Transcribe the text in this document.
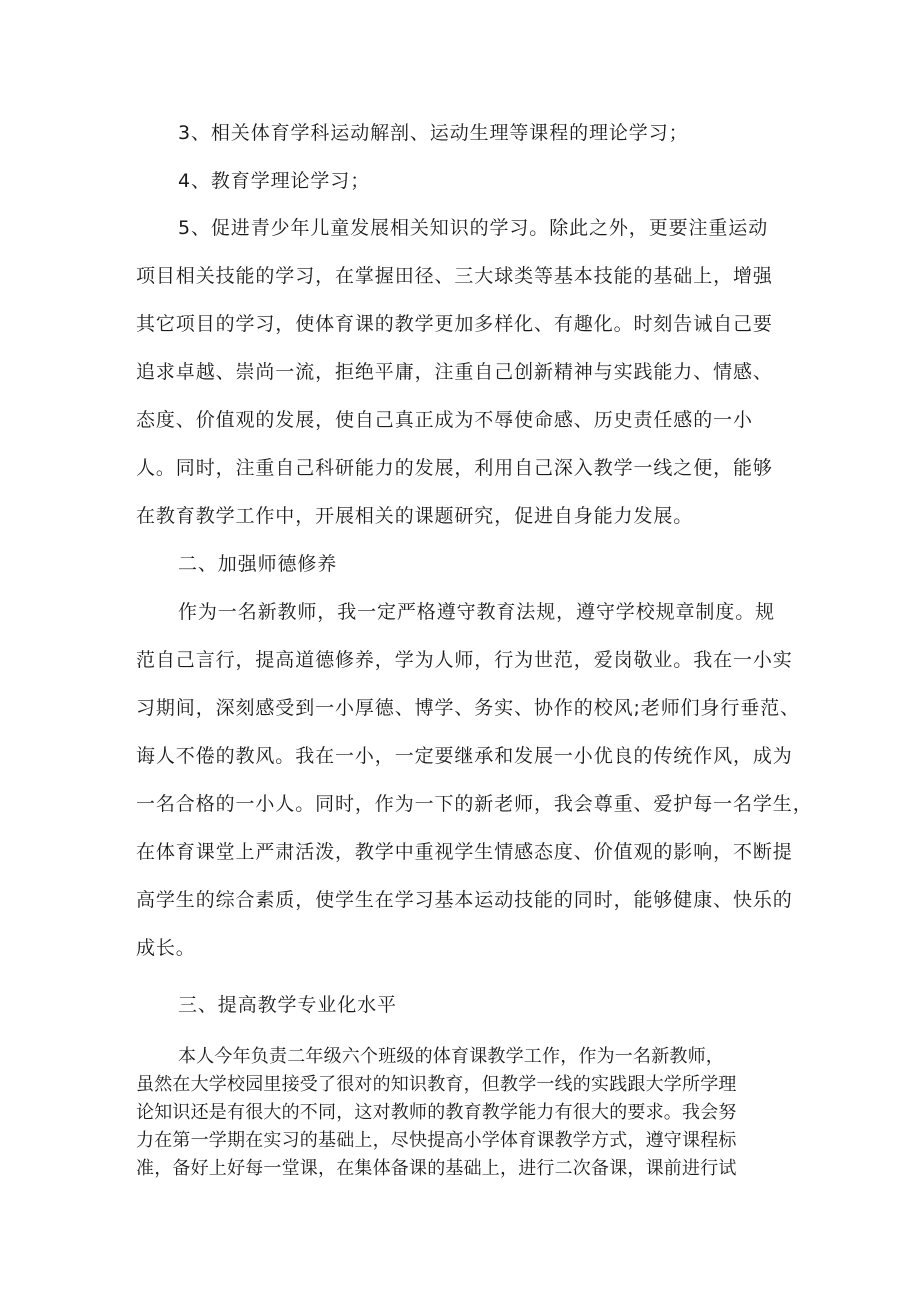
3、相关体育学科运动解剖、运动生理等课程的理论学习；
4、教育学理论学习；
5、促进青少年儿童发展相关知识的学习。除此之外，更要注重运动
项目相关技能的学习，在掌握田径、三大球类等基本技能的基础上，增强
其它项目的学习，使体育课的教学更加多样化、有趣化。时刻告诫自己要
追求卓越、崇尚一流，拒绝平庸，注重自己创新精神与实践能力、情感、
态度、价值观的发展，使自己真正成为不辱使命感、历史责任感的一小
人。同时，注重自己科研能力的发展，利用自己深入教学一线之便，能够
在教育教学工作中，开展相关的课题研究，促进自身能力发展。
二、加强师德修养
作为一名新教师，我一定严格遵守教育法规，遵守学校规章制度。规
范自己言行，提高道德修养，学为人师，行为世范，爱岗敬业。我在一小实
习期间，深刻感受到一小厚德、博学、务实、协作的校风;老师们身行垂范、
诲人不倦的教风。我在一小，一定要继承和发展一小优良的传统作风，成为
一名合格的一小人。同时，作为一下的新老师，我会尊重、爱护每一名学生，
在体育课堂上严肃活泼，教学中重视学生情感态度、价值观的影响，不断提
高学生的综合素质，使学生在学习基本运动技能的同时，能够健康、快乐的
成长。
三、提高教学专业化水平
本人今年负责二年级六个班级的体育课教学工作，作为一名新教师，
虽然在大学校园里接受了很对的知识教育，但教学一线的实践跟大学所学理
论知识还是有很大的不同，这对教师的教育教学能力有很大的要求。我会努
力在第一学期在实习的基础上，尽快提高小学体育课教学方式，遵守课程标
准，备好上好每一堂课，在集体备课的基础上，进行二次备课，课前进行试
